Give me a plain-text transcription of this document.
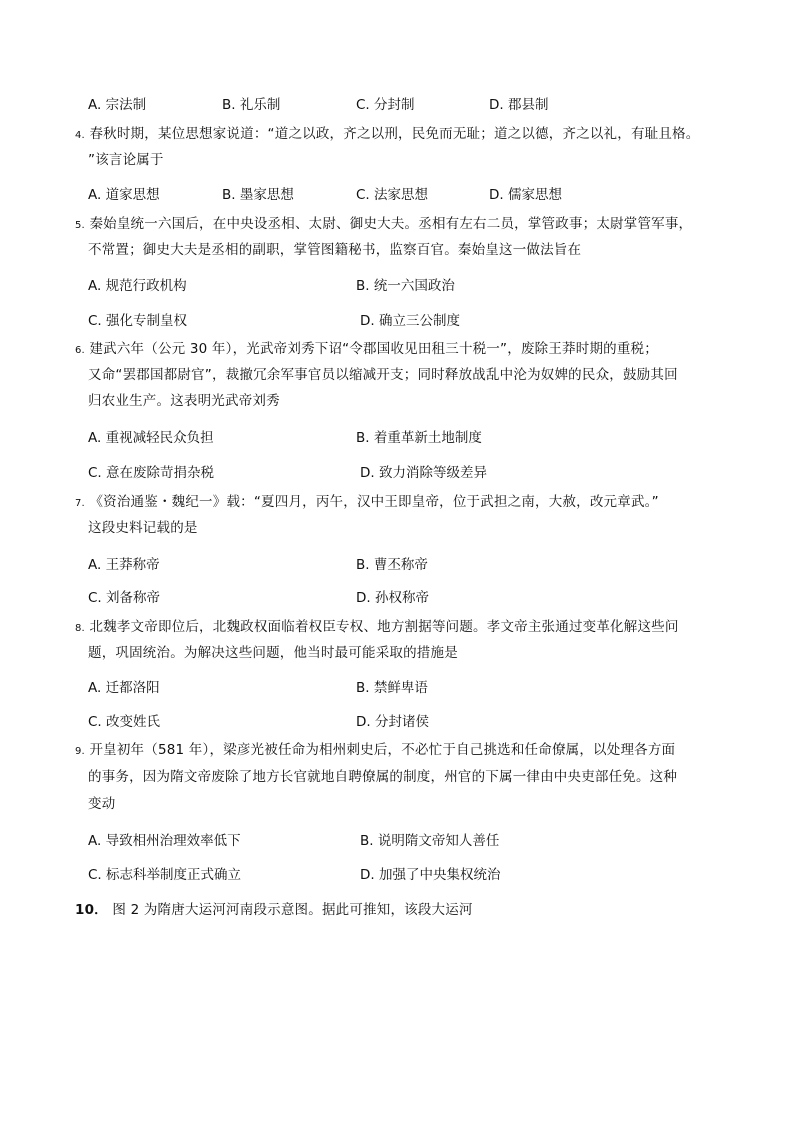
A. 宗法制	B. 礼乐制	C. 分封制	D. 郡县制
4. 春秋时期，某位思想家说道：“道之以政，齐之以刑，民免而无耻；道之以德，齐之以礼，有耻且格。
”该言论属于
A. 道家思想	B. 墨家思想	C. 法家思想	D. 儒家思想
5. 秦始皇统一六国后，在中央设丞相、太尉、御史大夫。丞相有左右二员，掌管政事；太尉掌管军事，
不常置；御史大夫是丞相的副职，掌管图籍秘书，监察百官。秦始皇这一做法旨在
A. 规范行政机构	B. 统一六国政治
C. 强化专制皇权	D. 确立三公制度
6. 建武六年（公元 30 年），光武帝刘秀下诏“令郡国收见田租三十税一”，废除王莽时期的重税；
又命“罢郡国都尉官”，裁撤冗余军事官员以缩减开支；同时释放战乱中沦为奴婢的民众，鼓励其回
归农业生产。这表明光武帝刘秀
A. 重视减轻民众负担	B. 着重革新土地制度
C. 意在废除苛捐杂税	D. 致力消除等级差异
7. 《资治通鉴・魏纪一》载：“夏四月，丙午，汉中王即皇帝，位于武担之南，大赦，改元章武。”
这段史料记载的是
A. 王莽称帝	B. 曹丕称帝
C. 刘备称帝	D. 孙权称帝
8. 北魏孝文帝即位后，北魏政权面临着权臣专权、地方割据等问题。孝文帝主张通过变革化解这些问
题，巩固统治。为解决这些问题，他当时最可能采取的措施是
A. 迁都洛阳	B. 禁鲜卑语
C. 改变姓氏	D. 分封诸侯
9. 开皇初年（581 年），梁彦光被任命为相州刺史后，不必忙于自己挑选和任命僚属，以处理各方面
的事务，因为隋文帝废除了地方长官就地自聘僚属的制度，州官的下属一律由中央吏部任免。这种
变动
A. 导致相州治理效率低下	B. 说明隋文帝知人善任
C. 标志科举制度正式确立	D. 加强了中央集权统治
10． 图 2 为隋唐大运河河南段示意图。据此可推知，该段大运河
